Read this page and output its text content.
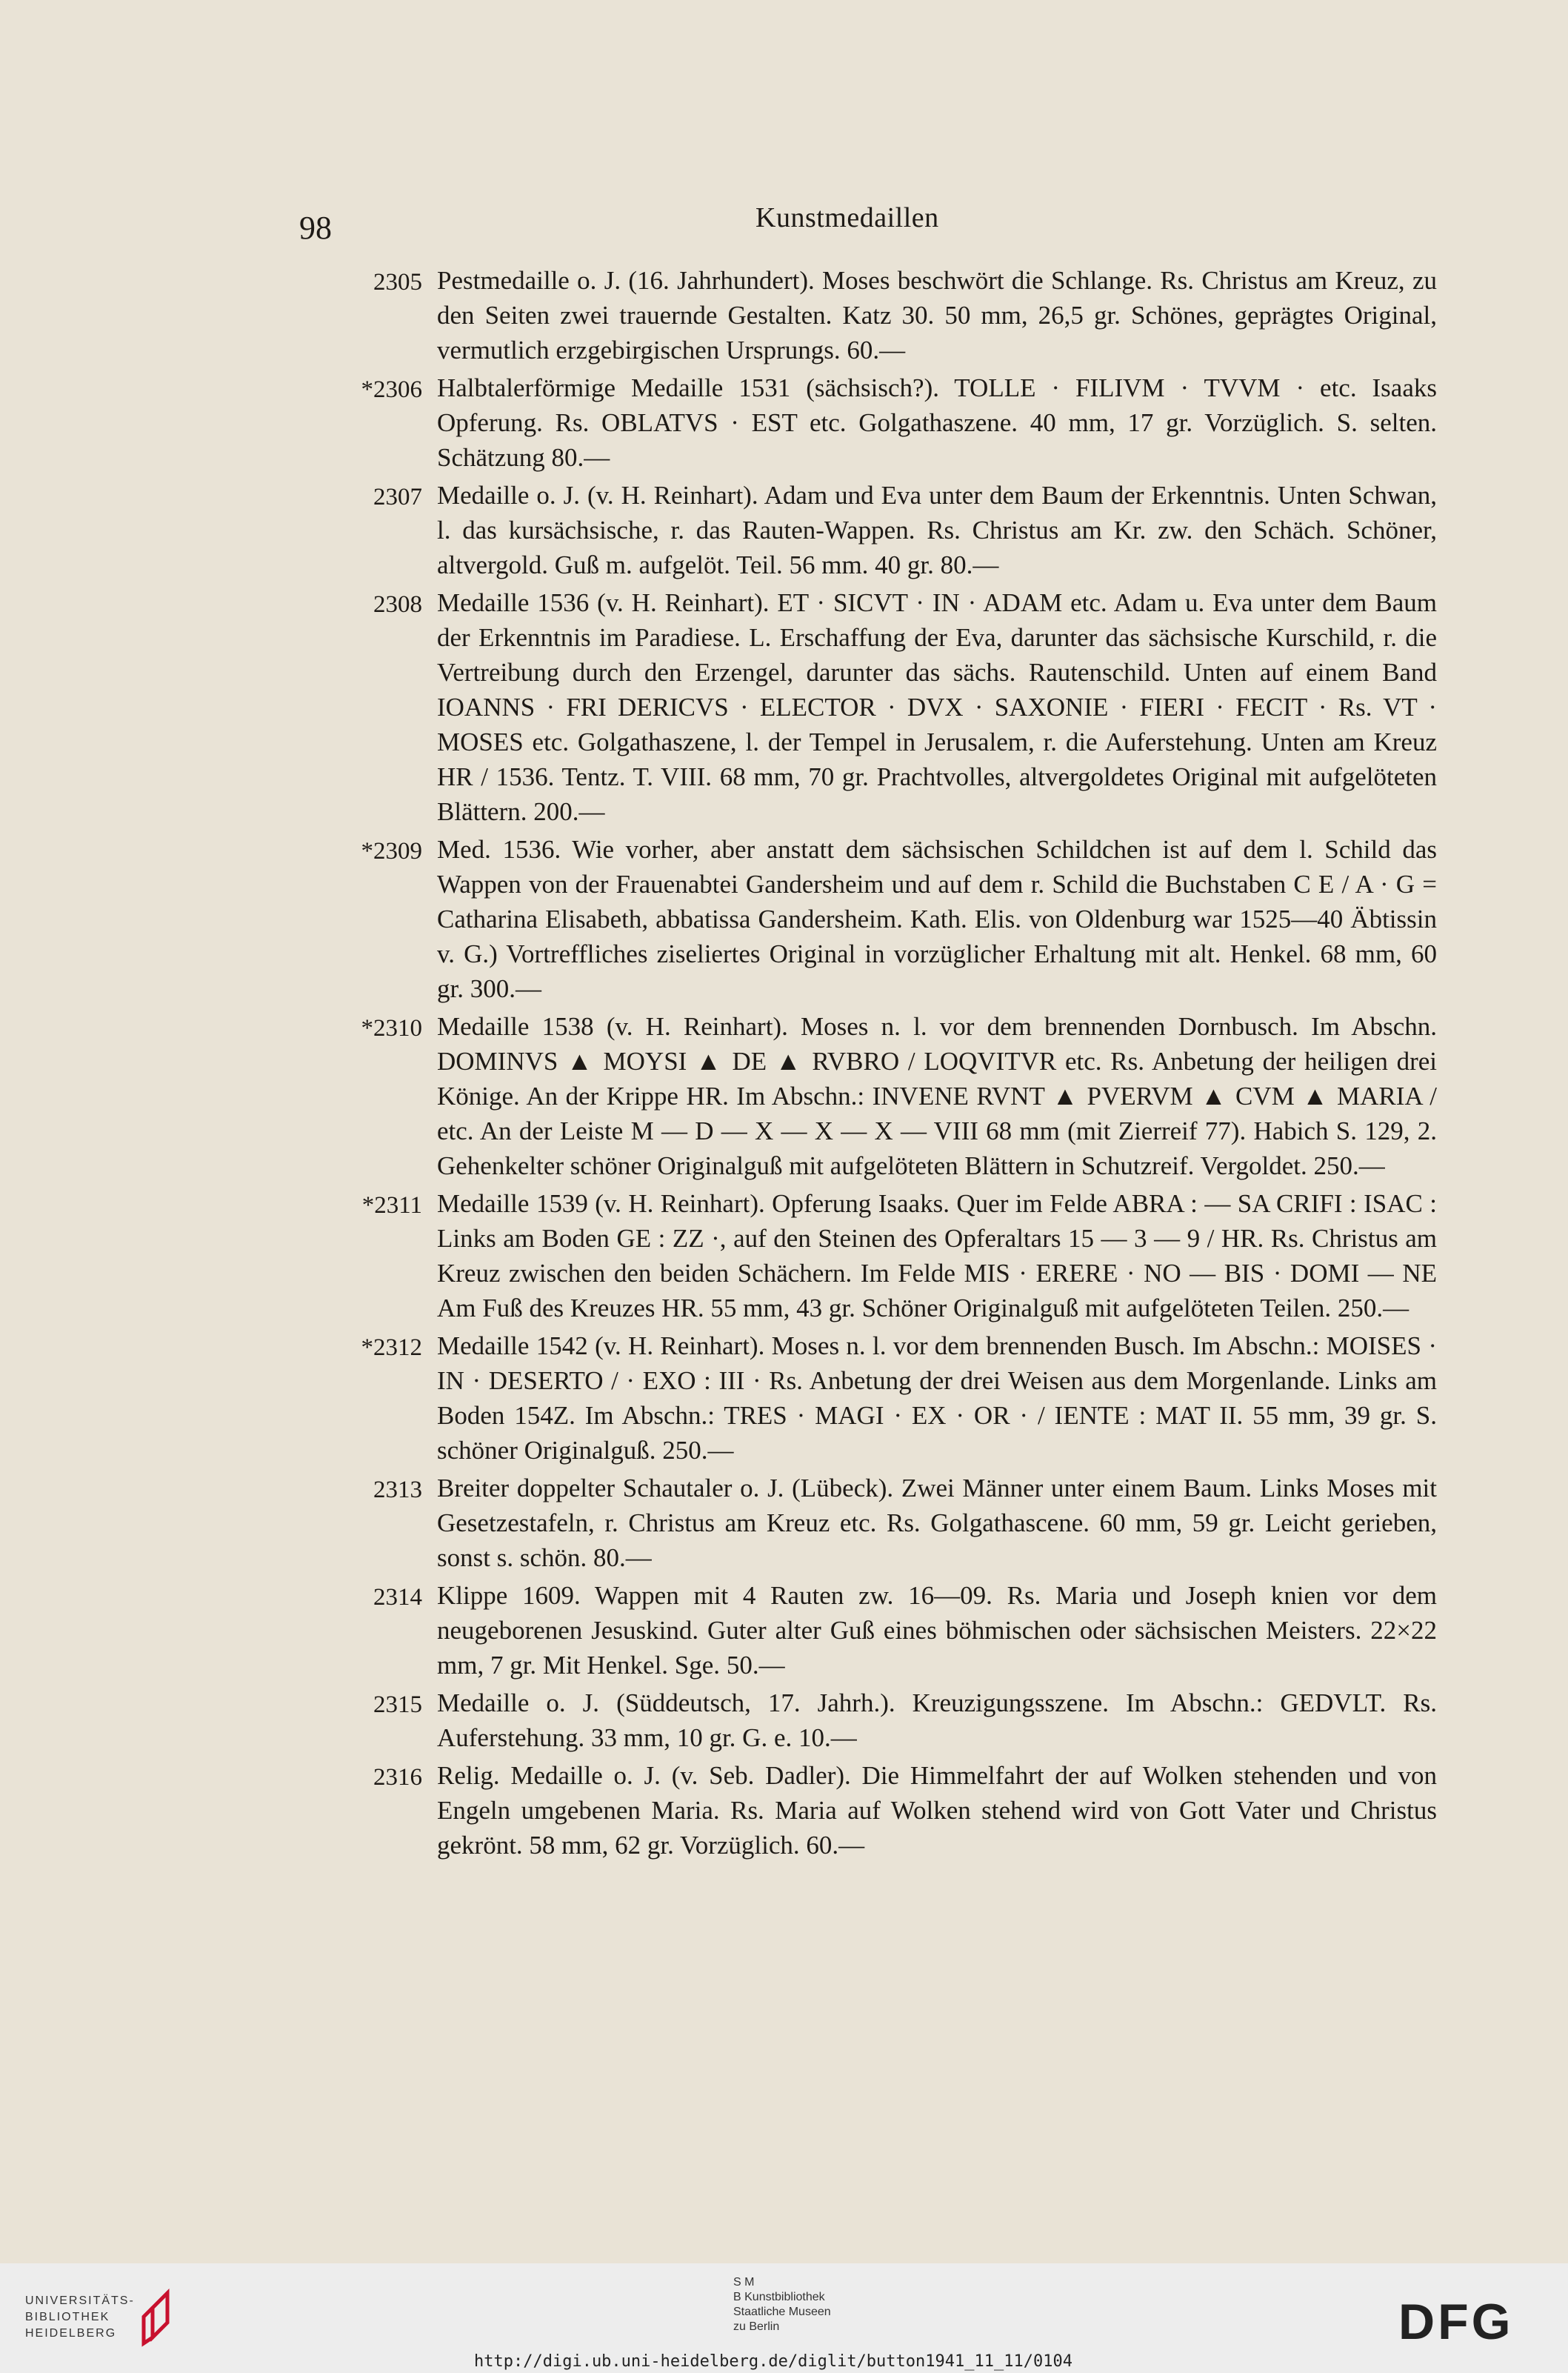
98	Kunstmedaillen
2305 Pestmedaille o. J. (16. Jahrhundert). Moses beschwört die Schlange. Rs. Christus am Kreuz, zu den Seiten zwei trauernde Gestalten. Katz 30. 50 mm, 26,5 gr. Schönes, geprägtes Original, vermutlich erzgebirgischen Ursprungs. 60.—
*2306 Halbtalerförmige Medaille 1531 (sächsisch?). TOLLE · FILIVM · TVVM · etc. Isaaks Opferung. Rs. OBLATVS · EST etc. Golgathaszene. 40 mm, 17 gr. Vorzüglich. S. selten. Schätzung 80.—
2307 Medaille o. J. (v. H. Reinhart). Adam und Eva unter dem Baum der Erkenntnis. Unten Schwan, l. das kursächsische, r. das Rauten-Wappen. Rs. Christus am Kr. zw. den Schäch. Schöner, altvergold. Guß m. aufgelöt. Teil. 56 mm. 40 gr. 80.—
2308 Medaille 1536 (v. H. Reinhart). ET · SICVT · IN · ADAM etc. Adam u. Eva unter dem Baum der Erkenntnis im Paradiese. L. Erschaffung der Eva, darunter das sächsische Kurschild, r. die Vertreibung durch den Erzengel, darunter das sächs. Rautenschild. Unten auf einem Band IOANNS · FRI DERICVS · ELECTOR · DVX · SAXONIE · FIERI · FECIT · Rs. VT · MOSES etc. Golgathaszene, l. der Tempel in Jerusalem, r. die Auferstehung. Unten am Kreuz HR / 1536. Tentz. T. VIII. 68 mm, 70 gr. Prachtvolles, altvergoldetes Original mit aufgelöteten Blättern. 200.—
*2309 Med. 1536. Wie vorher, aber anstatt dem sächsischen Schildchen ist auf dem l. Schild das Wappen von der Frauenabtei Gandersheim und auf dem r. Schild die Buchstaben C E / A · G = Catharina Elisabeth, abbatissa Gandersheim. Kath. Elis. von Oldenburg war 1525—40 Äbtissin v. G.) Vortreffliches ziseliertes Original in vorzüglicher Erhaltung mit alt. Henkel. 68 mm, 60 gr. 300.—
*2310 Medaille 1538 (v. H. Reinhart). Moses n. l. vor dem brennenden Dornbusch. Im Abschn. DOMINVS ▲ MOYSI ▲ DE ▲ RVBRO / LOQVITVR etc. Rs. Anbetung der heiligen drei Könige. An der Krippe HR. Im Abschn.: INVENE RVNT ▲ PVERVM ▲ CVM ▲ MARIA / etc. An der Leiste M — D — X — X — X — VIII 68 mm (mit Zierreif 77). Habich S. 129, 2. Gehenkelter schöner Originalguß mit aufgelöteten Blättern in Schutzreif. Vergoldet. 250.—
*2311 Medaille 1539 (v. H. Reinhart). Opferung Isaaks. Quer im Felde ABRA : — SA CRIFI : ISAC : Links am Boden GE : ZZ ·, auf den Steinen des Opferaltars 15 — 3 — 9 / HR. Rs. Christus am Kreuz zwischen den beiden Schächern. Im Felde MIS · ERERE · NO — BIS · DOMI — NE Am Fuß des Kreuzes HR. 55 mm, 43 gr. Schöner Originalguß mit aufgelöteten Teilen. 250.—
*2312 Medaille 1542 (v. H. Reinhart). Moses n. l. vor dem brennenden Busch. Im Abschn.: MOISES · IN · DESERTO / · EXO : III · Rs. Anbetung der drei Weisen aus dem Morgenlande. Links am Boden 154Z. Im Abschn.: TRES · MAGI · EX · OR · / IENTE : MAT II. 55 mm, 39 gr. S. schöner Originalguß. 250.—
2313 Breiter doppelter Schautaler o. J. (Lübeck). Zwei Männer unter einem Baum. Links Moses mit Gesetzestafeln, r. Christus am Kreuz etc. Rs. Golgathascene. 60 mm, 59 gr. Leicht gerieben, sonst s. schön. 80.—
2314 Klippe 1609. Wappen mit 4 Rauten zw. 16—09. Rs. Maria und Joseph knien vor dem neugeborenen Jesuskind. Guter alter Guß eines böhmischen oder sächsischen Meisters. 22×22 mm, 7 gr. Mit Henkel. Sge. 50.—
2315 Medaille o. J. (Süddeutsch, 17. Jahrh.). Kreuzigungsszene. Im Abschn.: GEDVLT. Rs. Auferstehung. 33 mm, 10 gr. G. e. 10.—
2316 Relig. Medaille o. J. (v. Seb. Dadler). Die Himmelfahrt der auf Wolken stehenden und von Engeln umgebenen Maria. Rs. Maria auf Wolken stehend wird von Gott Vater und Christus gekrönt. 58 mm, 62 gr. Vorzüglich. 60.—
UNIVERSITÄTS-
BIBLIOTHEK
HEIDELBERG
S M
B Kunstbibliothek
Staatliche Museen
zu Berlin	DFG
http://digi.ub.uni-heidelberg.de/diglit/button1941_11_11/0104
